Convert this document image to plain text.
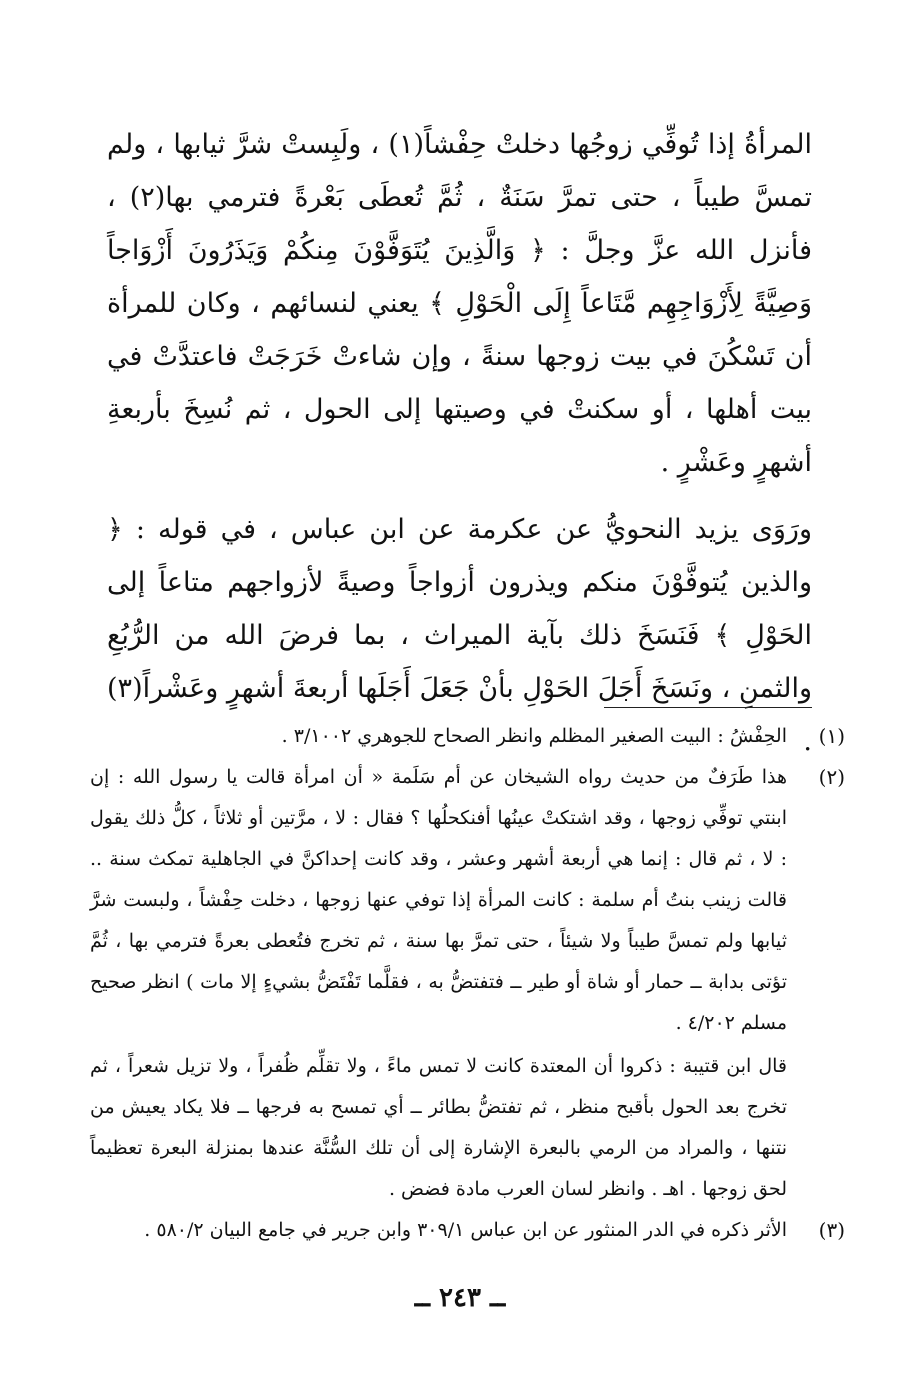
المرأةُ إذا تُوفِّي زوجُها دخلتْ حِفْشاً(١) ، ولَبِستْ شرَّ ثيابها ، ولم تمسَّ طيباً ، حتى تمرَّ سَنَةٌ ، ثُمَّ تُعطَى بَعْرةً فترمي بها(٢) ، فأنزل الله عزَّ وجلَّ : ﴿ وَالَّذِينَ يُتَوَفَّوْنَ مِنكُمْ وَيَذَرُونَ أَزْوَاجاً وَصِيَّةً لِأَزْوَاجِهِم مَّتَاعاً إِلَى الْحَوْلِ ﴾ يعني لنسائهم ، وكان للمرأة أن تَسْكُنَ في بيت زوجها سنةً ، وإن شاءتْ خَرَجَتْ فاعتدَّتْ في بيت أهلها ، أو سكنتْ في وصيتها إلى الحول ، ثم نُسِخَ بأربعةِ أشهرٍ وعَشْرٍ .

ورَوَى يزيد النحويُّ عن عكرمة عن ابن عباس ، في قوله : ﴿ والذين يُتوفَّوْنَ منكم ويذرون أزواجاً وصيةً لأزواجهم متاعاً إلى الحَوْلِ ﴾ فَنَسَخَ ذلك بآية الميراث ، بما فرضَ الله من الرُّبُعِ والثمنِ ، ونَسَخَ أَجَلَ الحَوْلِ بأنْ جَعَلَ أَجَلَها أربعةَ أشهرٍ وعَشْراً(٣) . (١)

الحِفْشُ : البيت الصغير المظلم وانظر الصحاح للجوهري ٣/١٠٠٢ .

(٢)

هذا طَرَفٌ من حديث رواه الشيخان عن أم سَلَمة « أن امرأة قالت يا رسول الله : إن ابنتي توفِّي زوجها ، وقد اشتكتْ عينُها أفنكحلُها ؟ فقال : لا ، مرَّتين أو ثلاثاً ، كلُّ ذلك يقول : لا ، ثم قال : إنما هي أربعة أشهر وعشر ، وقد كانت إحداكنَّ في الجاهلية تمكث سنة .. قالت زينب بنتُ أم سلمة : كانت المرأة إذا توفي عنها زوجها ، دخلت حِفْشاً ، ولبست شرَّ ثيابها ولم تمسَّ طيباً ولا شيئاً ، حتى تمرَّ بها سنة ، ثم تخرج فتُعطى بعرةً فترمي بها ، ثُمَّ تؤتى بدابة ــ حمار أو شاة أو طير ــ فتفتضُّ به ، فقلَّما تَفْتَضُّ بشيءٍ إلا مات ) انظر صحيح مسلم ٤/٢٠٢ .

قال ابن قتيبة : ذكروا أن المعتدة كانت لا تمس ماءً ، ولا تقلِّم ظُفراً ، ولا تزيل شعراً ، ثم تخرج بعد الحول بأقبح منظر ، ثم تفتضُّ بطائر ــ أي تمسح به فرجها ــ فلا يكاد يعيش من نتنها ، والمراد من الرمي بالبعرة الإشارة إلى أن تلك السُّنَّة عندها بمنزلة البعرة تعظيماً لحق زوجها . اهـ . وانظر لسان العرب مادة فضض .

(٣)

الأثر ذكره في الدر المنثور عن ابن عباس ٣٠٩/١ وابن جرير في جامع البيان ٥٨٠/٢ .

ــ ٢٤٣ ــ
